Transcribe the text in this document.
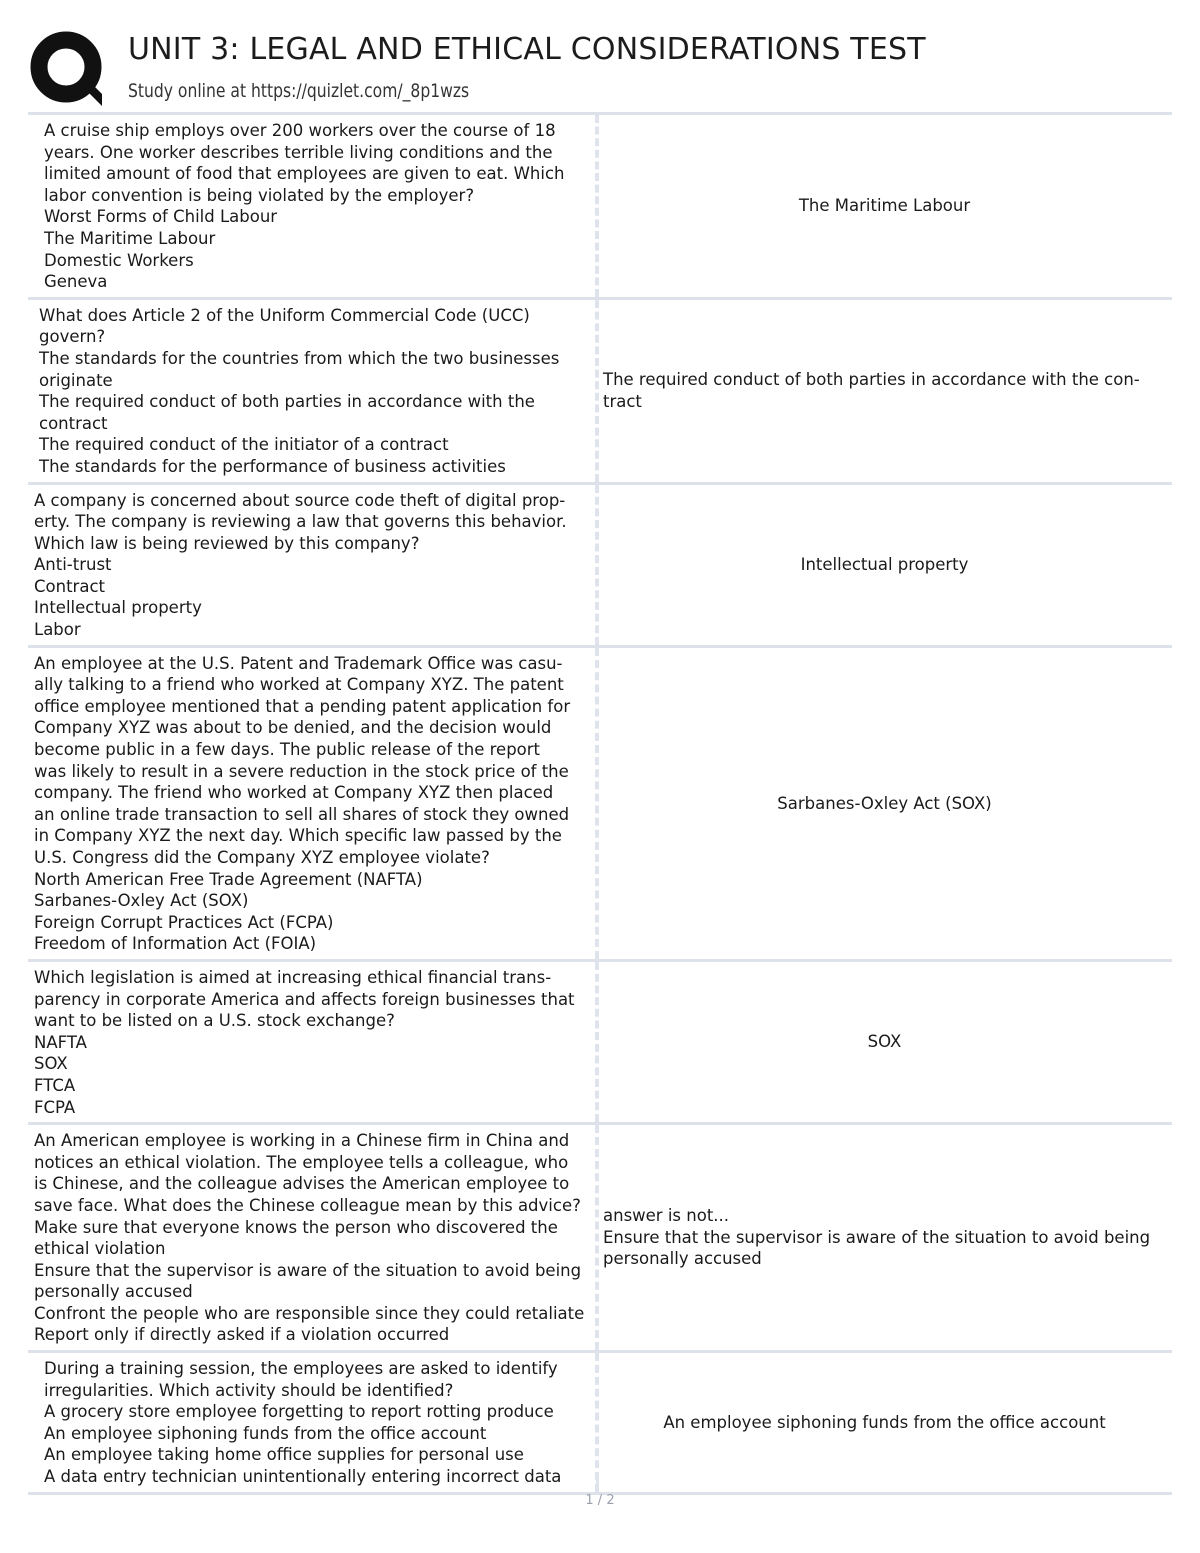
UNIT 3: LEGAL AND ETHICAL CONSIDERATIONS TEST
Study online at https://quizlet.com/_8p1wzs
A cruise ship employs over 200 workers over the course of 18
years. One worker describes terrible living conditions and the
limited amount of food that employees are given to eat. Which
labor convention is being violated by the employer?
Worst Forms of Child Labour
The Maritime Labour
Domestic Workers
Geneva
The Maritime Labour
What does Article 2 of the Uniform Commercial Code (UCC)
govern?
The standards for the countries from which the two businesses
originate
The required conduct of both parties in accordance with the
contract
The required conduct of the initiator of a contract
The standards for the performance of business activities
The required conduct of both parties in accordance with the con-
tract
A company is concerned about source code theft of digital prop-
erty. The company is reviewing a law that governs this behavior.
Which law is being reviewed by this company?
Anti-trust
Contract
Intellectual property
Labor
Intellectual property
An employee at the U.S. Patent and Trademark Office was casu-
ally talking to a friend who worked at Company XYZ. The patent
office employee mentioned that a pending patent application for
Company XYZ was about to be denied, and the decision would
become public in a few days. The public release of the report
was likely to result in a severe reduction in the stock price of the
company. The friend who worked at Company XYZ then placed
an online trade transaction to sell all shares of stock they owned
in Company XYZ the next day. Which specific law passed by the
U.S. Congress did the Company XYZ employee violate?
North American Free Trade Agreement (NAFTA)
Sarbanes-Oxley Act (SOX)
Foreign Corrupt Practices Act (FCPA)
Freedom of Information Act (FOIA)
Sarbanes-Oxley Act (SOX)
Which legislation is aimed at increasing ethical financial trans-
parency in corporate America and affects foreign businesses that
want to be listed on a U.S. stock exchange?
NAFTA
SOX
FTCA
FCPA
SOX
An American employee is working in a Chinese firm in China and
notices an ethical violation. The employee tells a colleague, who
is Chinese, and the colleague advises the American employee to
save face. What does the Chinese colleague mean by this advice?
Make sure that everyone knows the person who discovered the
ethical violation
Ensure that the supervisor is aware of the situation to avoid being
personally accused
Confront the people who are responsible since they could retaliate
Report only if directly asked if a violation occurred
answer is not...
Ensure that the supervisor is aware of the situation to avoid being
personally accused
During a training session, the employees are asked to identify
irregularities. Which activity should be identified?
A grocery store employee forgetting to report rotting produce
An employee siphoning funds from the office account
An employee taking home office supplies for personal use
A data entry technician unintentionally entering incorrect data
An employee siphoning funds from the office account
1 / 2
